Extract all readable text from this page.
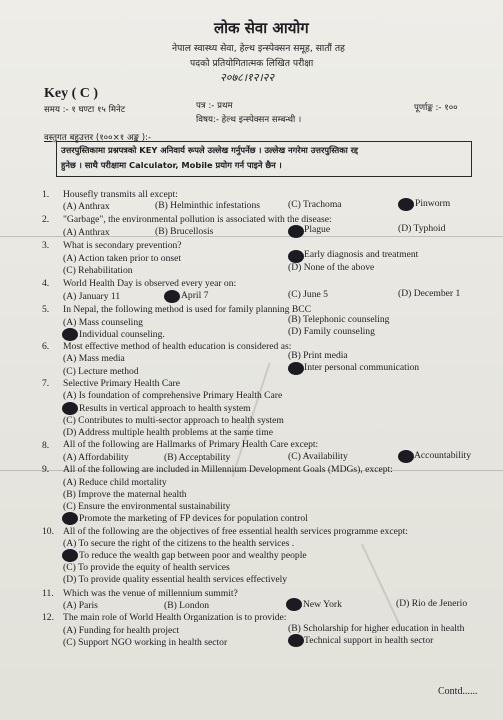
लोक सेवा आयोग
नेपाल स्वास्थ्य सेवा, हेल्थ इन्स्पेक्सन समूह, सातौं तह
पदको प्रतियोगितात्मक लिखित परीक्षा
२०७८।१२।२२
Key ( C )
समय :- १ घण्टा १५ मिनेट	पत्र :- प्रथम
विषय:- हेल्थ इन्स्पेक्सन सम्बन्धी ।
पूर्णाङ्क :- १००
वस्तुगत बहुउत्तर (१००×१ अङ्क ):-
उत्तरपुस्तिकामा प्रश्नपत्रको KEY अनिवार्य रूपले उल्लेख गर्नुपर्नेछ । उल्लेख नगरेमा उत्तरपुस्तिका रद्द
हुनेछ । साथै परीक्षामा Calculator, Mobile प्रयोग गर्न पाइने छैन ।
1. Housefly transmits all except:
(A) Anthrax	(B) Helminthic infestations	(C) Trachoma	Pinworm
2. "Garbage", the environmental pollution is associated with the disease:
(A) Anthrax	(B) Brucellosis	Plague	(D) Typhoid
3. What is secondary prevention?
(A) Action taken prior to onset	Early diagnosis and treatment
(C) Rehabilitation	(D) None of the above
4. World Health Day is observed every year on:
(A) January 11	April 7	(C) June 5	(D) December 1
5. In Nepal, the following method is used for family planning BCC
(A) Mass counseling	(B) Telephonic counseling
Individual counseling.	(D) Family counseling
6. Most effective method of health education is considered as:
(A) Mass media	(B) Print media
(C) Lecture method	Inter personal communication
7. Selective Primary Health Care
(A) Is foundation of comprehensive Primary Health Care
Results in vertical approach to health system
(C) Contributes to multi-sector approach to health system
(D) Address multiple health problems at the same time
8. All of the following are Hallmarks of Primary Health Care except:
(A) Affordability	(B) Acceptability	(C) Availability	Accountability
9. All of the following are included in Millennium Development Goals (MDGs), except:
(A) Reduce child mortality
(B) Improve the maternal health
(C) Ensure the environmental sustainability
Promote the marketing of FP devices for population control
10. All of the following are the objectives of free essential health services programme except:
(A) To secure the right of the citizens to the health services .
To reduce the wealth gap between poor and wealthy people
(C) To provide the equity of health services
(D) To provide quality essential health services effectively
11. Which was the venue of millennium summit?
(A) Paris	(B) London	New York	(D) Rio de Jenerio
12. The main role of World Health Organization is to provide:
(A) Funding for health project	(B) Scholarship for higher education in health
(C) Support NGO working in health sector	Technical support in health sector
Contd......
